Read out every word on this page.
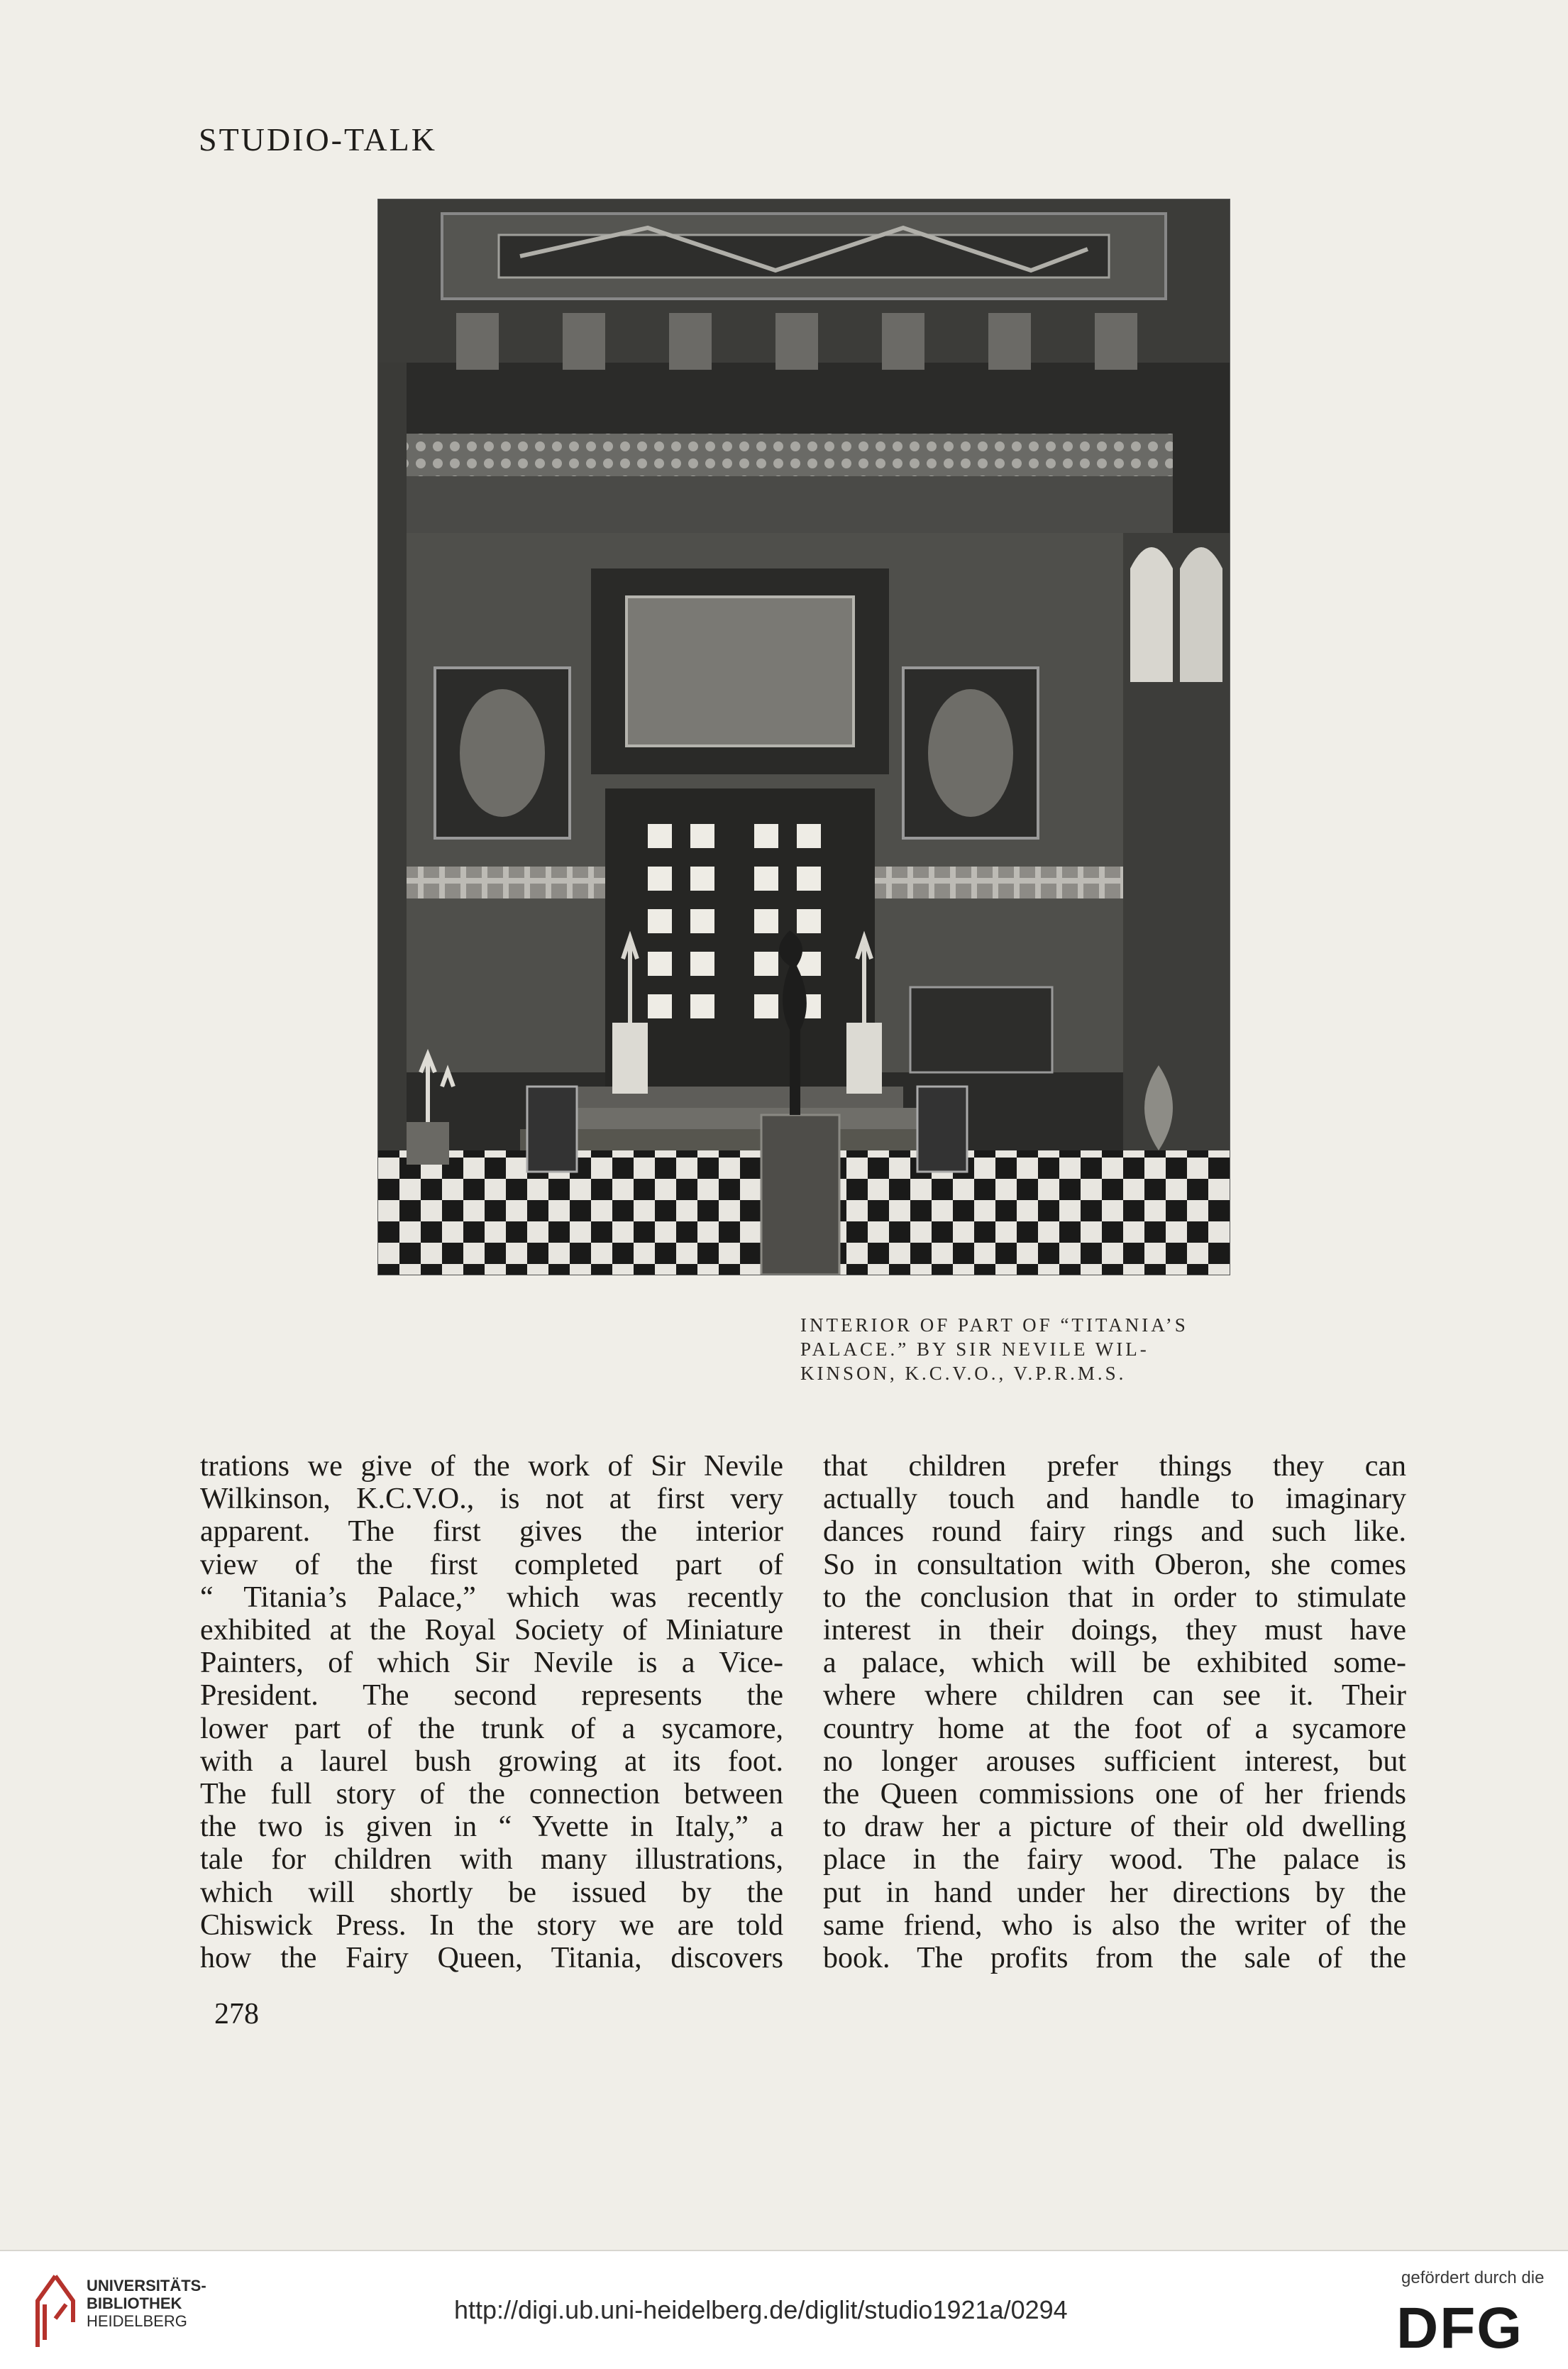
STUDIO-TALK
INTERIOR OF PART OF “TITANIA’S
PALACE.” BY SIR NEVILE WIL-
KINSON, K.C.V.O., V.P.R.M.S.
trations we give of the work of Sir Nevile
Wilkinson, K.C.V.O., is not at first very
apparent. The first gives the interior
view of the first completed part of
“ Titania’s Palace,” which was recently
exhibited at the Royal Society of Miniature
Painters, of which Sir Nevile is a Vice-
President. The second represents the
lower part of the trunk of a sycamore,
with a laurel bush growing at its foot.
The full story of the connection between
the two is given in “ Yvette in Italy,” a
tale for children with many illustrations,
which will shortly be issued by the
Chiswick Press. In the story we are told
how the Fairy Queen, Titania, discovers
that children prefer things they can
actually touch and handle to imaginary
dances round fairy rings and such like.
So in consultation with Oberon, she comes
to the conclusion that in order to stimulate
interest in their doings, they must have
a palace, which will be exhibited some-
where where children can see it. Their
country home at the foot of a sycamore
no longer arouses sufficient interest, but
the Queen commissions one of her friends
to draw her a picture of their old dwelling
place in the fairy wood. The palace is
put in hand under her directions by the
same friend, who is also the writer of the
book. The profits from the sale of the
278
UNIVERSITÄTS-
BIBLIOTHEK
HEIDELBERG	http://digi.ub.uni-heidelberg.de/diglit/studio1921a/0294
gefördert durch die
DFG
